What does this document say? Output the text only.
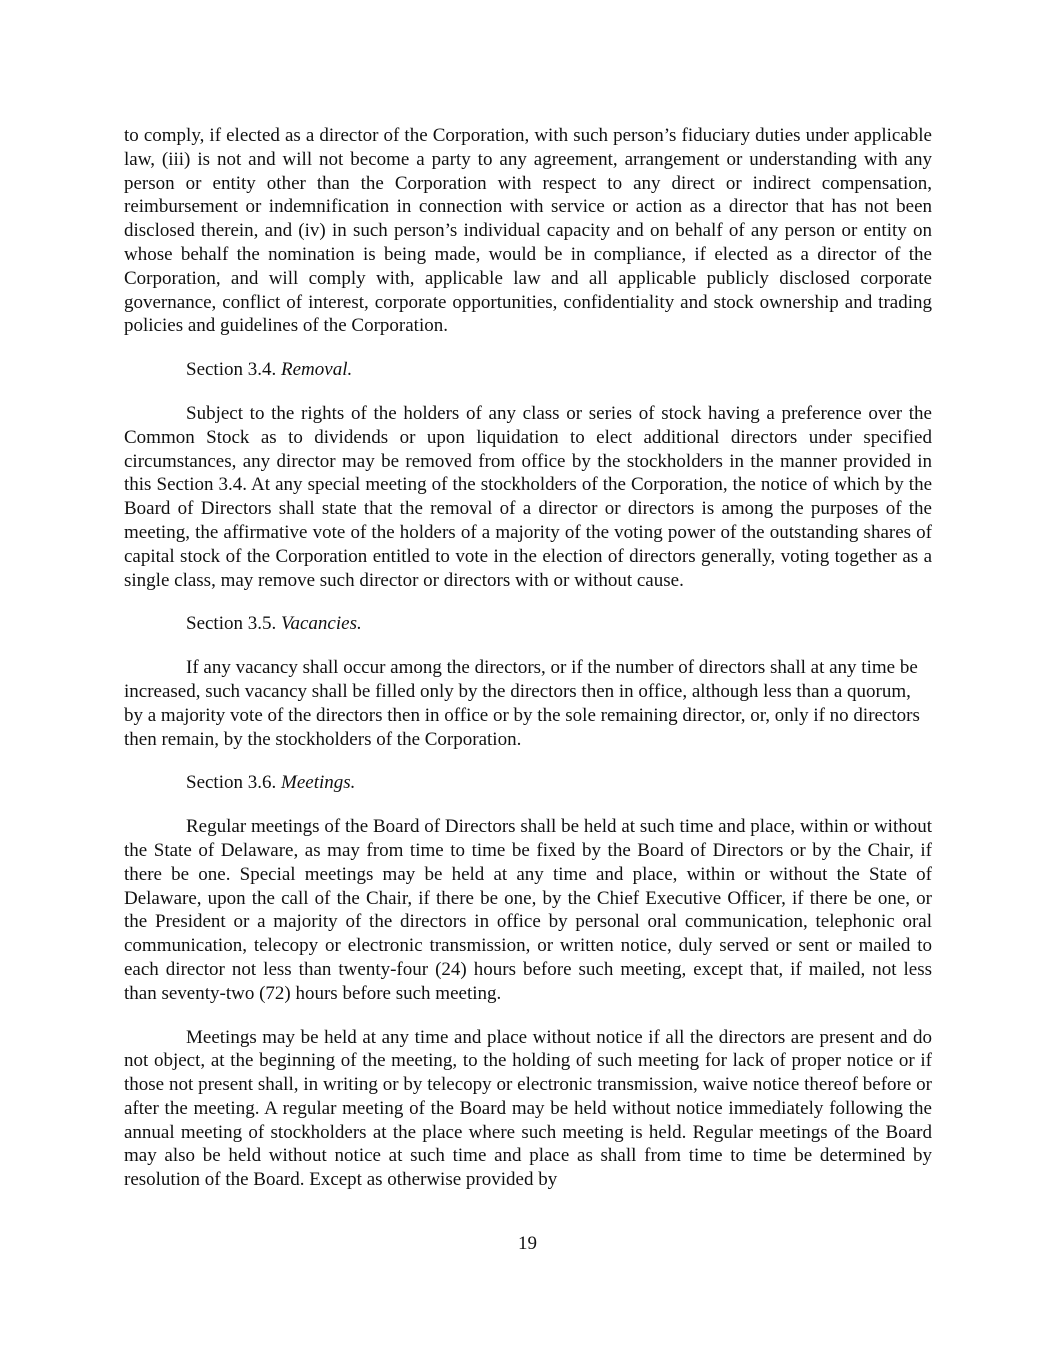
to comply, if elected as a director of the Corporation, with such person’s fiduciary duties under applicable law, (iii) is not and will not become a party to any agreement, arrangement or understanding with any person or entity other than the Corporation with respect to any direct or indirect compensation, reimbursement or indemnification in connection with service or action as a director that has not been disclosed therein, and (iv) in such person’s individual capacity and on behalf of any person or entity on whose behalf the nomination is being made, would be in compliance, if elected as a director of the Corporation, and will comply with, applicable law and all applicable publicly disclosed corporate governance, conflict of interest, corporate opportunities, confidentiality and stock ownership and trading policies and guidelines of the Corporation.

Section 3.4. Removal.

Subject to the rights of the holders of any class or series of stock having a preference over the Common Stock as to dividends or upon liquidation to elect additional directors under specified circumstances, any director may be removed from office by the stockholders in the manner provided in this Section 3.4. At any special meeting of the stockholders of the Corporation, the notice of which by the Board of Directors shall state that the removal of a director or directors is among the purposes of the meeting, the affirmative vote of the holders of a majority of the voting power of the outstanding shares of capital stock of the Corporation entitled to vote in the election of directors generally, voting together as a single class, may remove such director or directors with or without cause.

Section 3.5. Vacancies.

If any vacancy shall occur among the directors, or if the number of directors shall at any time be increased, such vacancy shall be filled only by the directors then in office, although less than a quorum, by a majority vote of the directors then in office or by the sole remaining director, or, only if no directors then remain, by the stockholders of the Corporation.

Section 3.6. Meetings.

Regular meetings of the Board of Directors shall be held at such time and place, within or without the State of Delaware, as may from time to time be fixed by the Board of Directors or by the Chair, if there be one. Special meetings may be held at any time and place, within or without the State of Delaware, upon the call of the Chair, if there be one, by the Chief Executive Officer, if there be one, or the President or a majority of the directors in office by personal oral communication, telephonic oral communication, telecopy or electronic transmission, or written notice, duly served or sent or mailed to each director not less than twenty-four (24) hours before such meeting, except that, if mailed, not less than seventy-two (72) hours before such meeting.

Meetings may be held at any time and place without notice if all the directors are present and do not object, at the beginning of the meeting, to the holding of such meeting for lack of proper notice or if those not present shall, in writing or by telecopy or electronic transmission, waive notice thereof before or after the meeting. A regular meeting of the Board may be held without notice immediately following the annual meeting of stockholders at the place where such meeting is held. Regular meetings of the Board may also be held without notice at such time and place as shall from time to time be determined by resolution of the Board. Except as otherwise provided by

19
